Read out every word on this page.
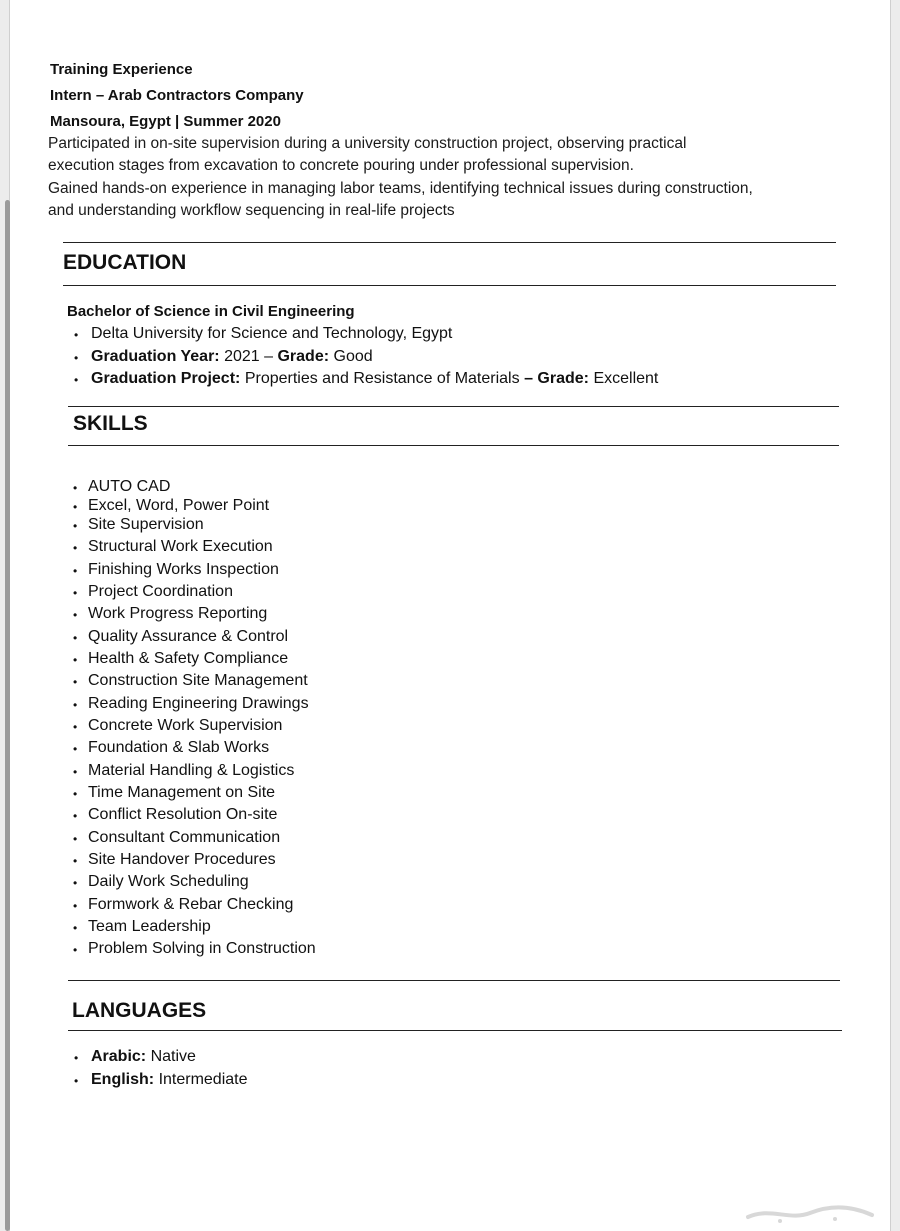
Training Experience
Intern – Arab Contractors Company
Mansoura, Egypt | Summer 2020
Participated in on-site supervision during a university construction project, observing practical
execution stages from excavation to concrete pouring under professional supervision.
Gained hands-on experience in managing labor teams, identifying technical issues during construction,
and understanding workflow sequencing in real-life projects
EDUCATION
Bachelor of Science in Civil Engineering
• Delta University for Science and Technology, Egypt
• Graduation Year: 2021 – Grade: Good
• Graduation Project: Properties and Resistance of Materials – Grade: Excellent
SKILLS
• AUTO CAD
• Excel, Word, Power Point
• Site Supervision
• Structural Work Execution
• Finishing Works Inspection
• Project Coordination
• Work Progress Reporting
• Quality Assurance & Control
• Health & Safety Compliance
• Construction Site Management
• Reading Engineering Drawings
• Concrete Work Supervision
• Foundation & Slab Works
• Material Handling & Logistics
• Time Management on Site
• Conflict Resolution On-site
• Consultant Communication
• Site Handover Procedures
• Daily Work Scheduling
• Formwork & Rebar Checking
• Team Leadership
• Problem Solving in Construction
LANGUAGES
• Arabic: Native
• English: Intermediate
